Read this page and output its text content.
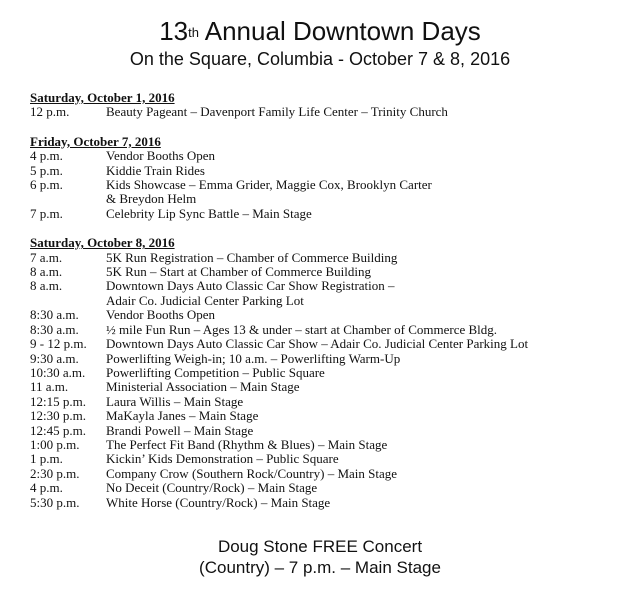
13th Annual Downtown Days
On the Square, Columbia - October 7 & 8, 2016
Saturday, October 1, 2016
12 p.m.	Beauty Pageant – Davenport Family Life Center – Trinity Church
Friday, October 7, 2016
4 p.m.	Vendor Booths Open
5 p.m.	Kiddie Train Rides
6 p.m.	Kids Showcase – Emma Grider, Maggie Cox, Brooklyn Carter
& Breydon Helm
7 p.m.	Celebrity Lip Sync Battle – Main Stage
Saturday, October 8, 2016
7 a.m.	5K Run Registration – Chamber of Commerce Building
8 a.m.	5K Run – Start at Chamber of Commerce Building
8 a.m.	Downtown Days Auto Classic Car Show Registration –
Adair Co. Judicial Center Parking Lot
8:30 a.m.	Vendor Booths Open
8:30 a.m.	½ mile Fun Run – Ages 13 & under – start at Chamber of Commerce Bldg.
9 - 12 p.m.	Downtown Days Auto Classic Car Show – Adair Co. Judicial Center Parking Lot
9:30 a.m.	Powerlifting Weigh-in; 10 a.m. – Powerlifting Warm-Up
10:30 a.m.	Powerlifting Competition – Public Square
11 a.m.	Ministerial Association – Main Stage
12:15 p.m.	Laura Willis – Main Stage
12:30 p.m.	MaKayla Janes – Main Stage
12:45 p.m.	Brandi Powell – Main Stage
1:00 p.m.	The Perfect Fit Band (Rhythm & Blues) – Main Stage
1 p.m.	Kickin’ Kids Demonstration – Public Square
2:30 p.m.	Company Crow (Southern Rock/Country) – Main Stage
4 p.m.	No Deceit (Country/Rock) – Main Stage
5:30 p.m.	White Horse (Country/Rock) – Main Stage
Doug Stone FREE Concert
(Country) – 7 p.m. – Main Stage
